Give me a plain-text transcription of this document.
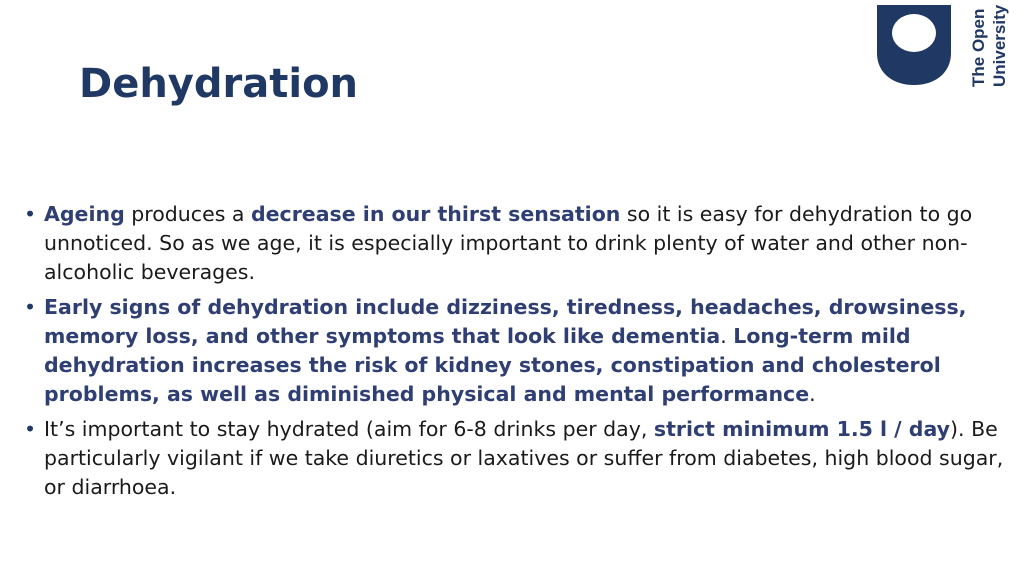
Dehydration	The Open University
• Ageing produces a decrease in our thirst sensation so it is easy for dehydration to go unnoticed. So as we age, it is especially important to drink plenty of water and other non-alcoholic beverages.
• Early signs of dehydration include dizziness, tiredness, headaches, drowsiness, memory loss, and other symptoms that look like dementia. Long-term mild dehydration increases the risk of kidney stones, constipation and cholesterol problems, as well as diminished physical and mental performance.
• It’s important to stay hydrated (aim for 6-8 drinks per day, strict minimum 1.5 l / day). Be particularly vigilant if we take diuretics or laxatives or suffer from diabetes, high blood sugar, or diarrhoea.
